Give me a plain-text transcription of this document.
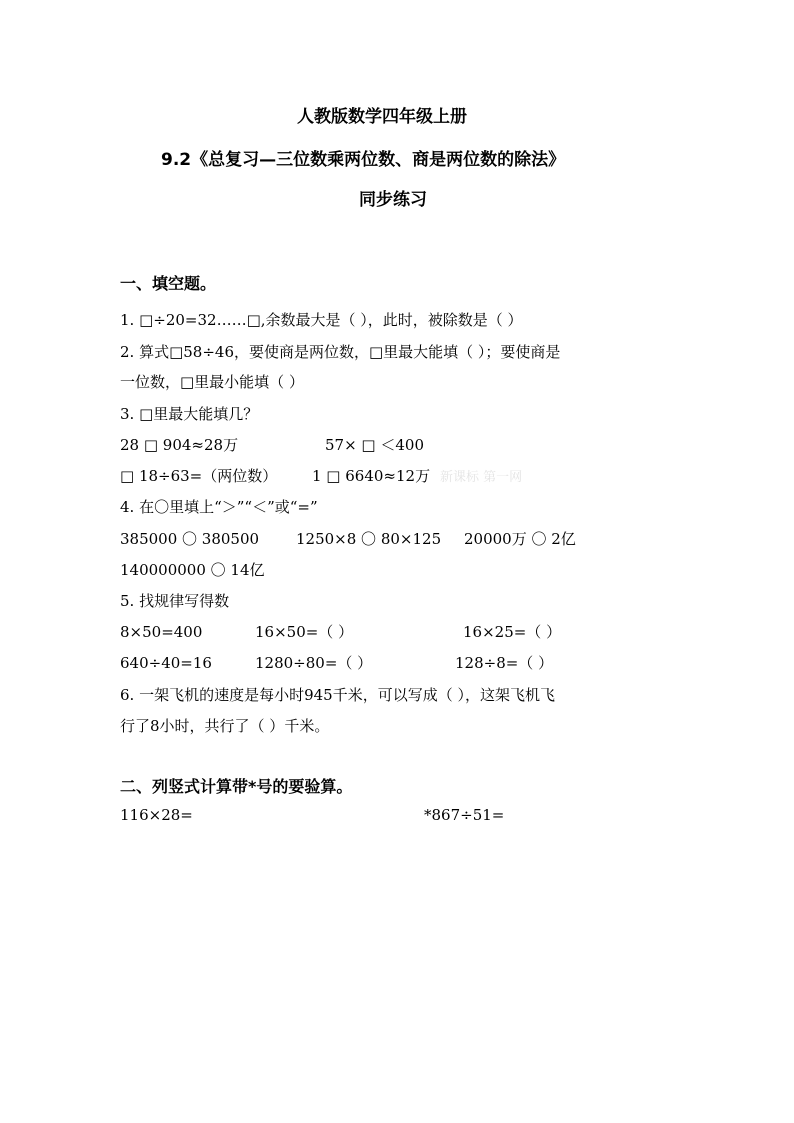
人教版数学四年级上册
9.2《总复习—三位数乘两位数、商是两位数的除法》
同步练习
一、填空题。
1. □÷20=32……□,余数最大是（ ），此时，被除数是（ ）
2. 算式□58÷46，要使商是两位数，□里最大能填（ ）；要使商是
一位数，□里最小能填（ ）
3. □里最大能填几？
28 □ 904≈28万	57× □ ＜400
□ 18÷63=（两位数） 1 □ 6640≈12万 新课标 第一网
4. 在〇里填上“＞”“＜”或“=”
385000 〇 380500 1250×8 〇 80×125 20000万 〇 2亿
140000000 〇 14亿
5. 找规律写得数
8×50=400	16×50=（ ）	16×25=（ ）
640÷40=16	1280÷80=（ ）	128÷8=（ ）
6. 一架飞机的速度是每小时945千米，可以写成（ ），这架飞机飞
行了8小时，共行了（ ）千米。
二、列竖式计算带*号的要验算。
116×28=	*867÷51=
